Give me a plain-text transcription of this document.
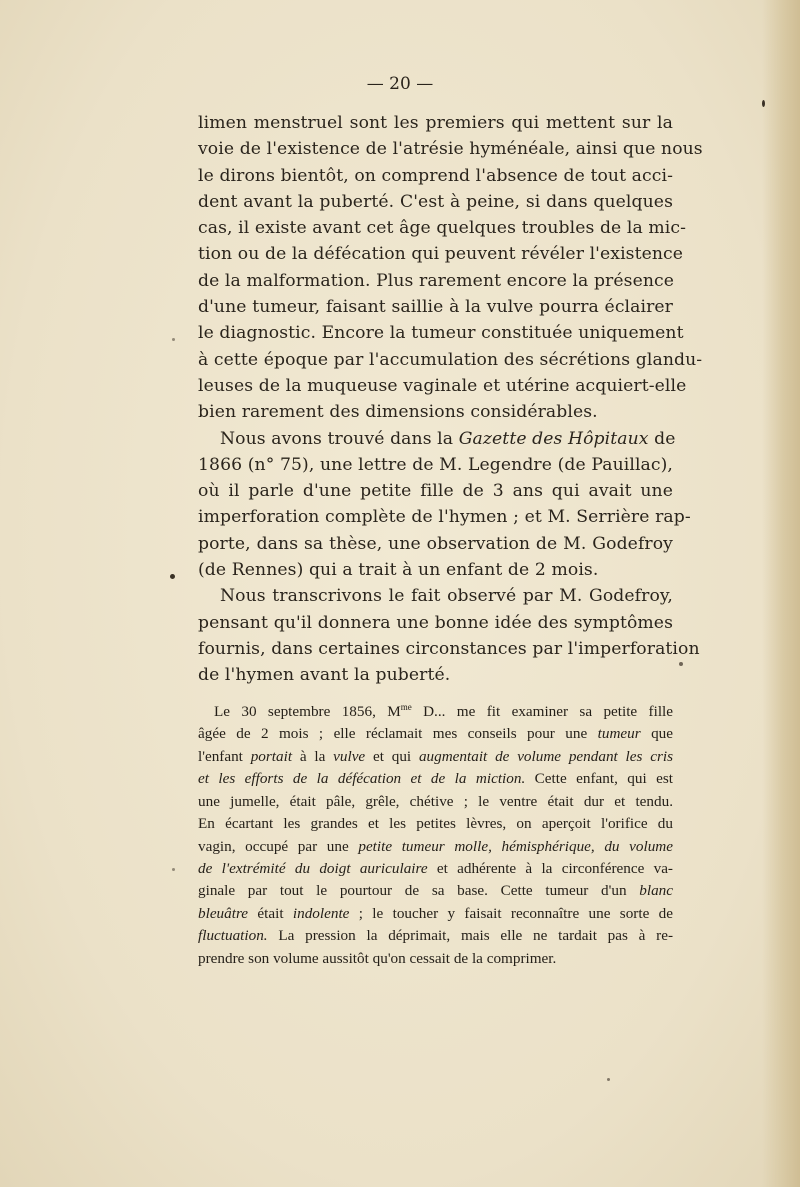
— 20 —

limen menstruel sont les premiers qui mettent sur la
voie de l'existence de l'atrésie hyménéale, ainsi que nous
le dirons bientôt, on comprend l'absence de tout acci-
dent avant la puberté. C'est à peine, si dans quelques
cas, il existe avant cet âge quelques troubles de la mic-
tion ou de la défécation qui peuvent révéler l'existence
de la malformation. Plus rarement encore la présence
d'une tumeur, faisant saillie à la vulve pourra éclairer
le diagnostic. Encore la tumeur constituée uniquement
à cette époque par l'accumulation des sécrétions glandu-
leuses de la muqueuse vaginale et utérine acquiert-elle
bien rarement des dimensions considérables.

Nous avons trouvé dans la Gazette des Hôpitaux de
1866 (n° 75), une lettre de M. Legendre (de Pauillac),
où il parle d'une petite fille de 3 ans qui avait une
imperforation complète de l'hymen ; et M. Serrière rap-
porte, dans sa thèse, une observation de M. Godefroy
(de Rennes) qui a trait à un enfant de 2 mois.

Nous transcrivons le fait observé par M. Godefroy,
pensant qu'il donnera une bonne idée des symptômes
fournis, dans certaines circonstances par l'imperforation
de l'hymen avant la puberté.

Le 30 septembre 1856, $M^{me}$ D... me fit examiner sa petite fille
âgée de 2 mois ; elle réclamait mes conseils pour une tumeur que
l'enfant portait à la vulve et qui augmentait de volume pendant les cris
et les efforts de la défécation et de la miction. Cette enfant, qui est
une jumelle, était pâle, grêle, chétive ; le ventre était dur et tendu.
En écartant les grandes et les petites lèvres, on aperçoit l'orifice du
vagin, occupé par une petite tumeur molle, hémisphérique, du volume
de l'extrémité du doigt auriculaire et adhérente à la circonférence va-
ginale par tout le pourtour de sa base. Cette tumeur d'un blanc
bleuâtre était indolente ; le toucher y faisait reconnaître une sorte de
fluctuation. La pression la déprimait, mais elle ne tardait pas à re-
prendre son volume aussitôt qu'on cessait de la comprimer.
